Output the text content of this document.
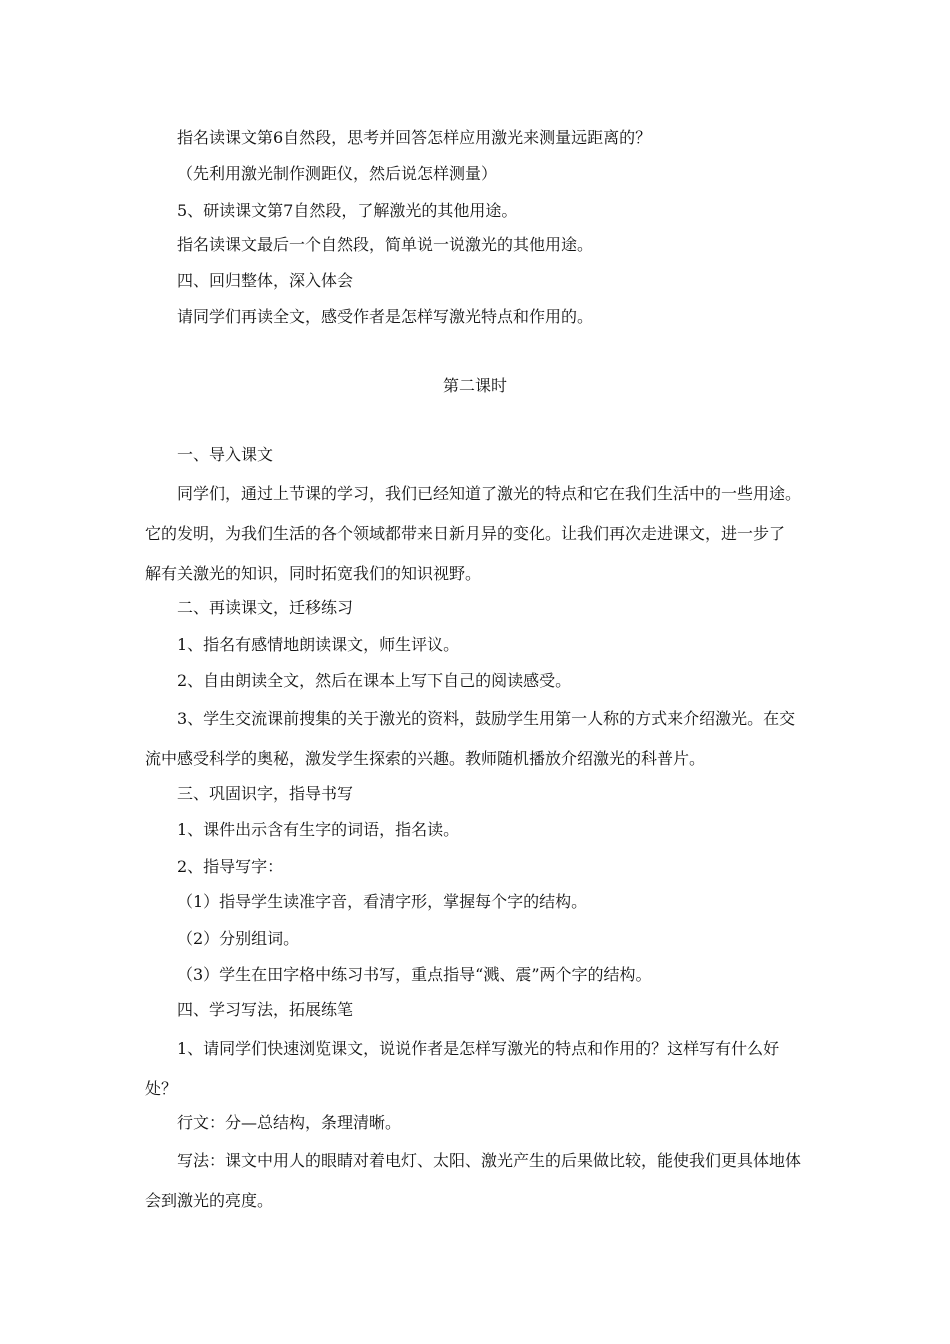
指名读课文第6自然段，思考并回答怎样应用激光来测量远距离的？
（先利用激光制作测距仪，然后说怎样测量）
5、研读课文第7自然段，了解激光的其他用途。
指名读课文最后一个自然段，简单说一说激光的其他用途。
四、回归整体，深入体会
请同学们再读全文，感受作者是怎样写激光特点和作用的。
第二课时
一、导入课文
同学们，通过上节课的学习，我们已经知道了激光的特点和它在我们生活中的一些用途。
它的发明，为我们生活的各个领域都带来日新月异的变化。让我们再次走进课文，进一步了
解有关激光的知识，同时拓宽我们的知识视野。
二、再读课文，迁移练习
1、指名有感情地朗读课文，师生评议。
2、自由朗读全文，然后在课本上写下自己的阅读感受。
3、学生交流课前搜集的关于激光的资料，鼓励学生用第一人称的方式来介绍激光。在交
流中感受科学的奥秘，激发学生探索的兴趣。教师随机播放介绍激光的科普片。
三、巩固识字，指导书写
1、课件出示含有生字的词语，指名读。
2、指导写字：
（1）指导学生读准字音，看清字形，掌握每个字的结构。
（2）分别组词。
（3）学生在田字格中练习书写，重点指导“溅、震”两个字的结构。
四、学习写法，拓展练笔
1、请同学们快速浏览课文，说说作者是怎样写激光的特点和作用的？这样写有什么好
处？
行文：分—总结构，条理清晰。
写法：课文中用人的眼睛对着电灯、太阳、激光产生的后果做比较，能使我们更具体地体
会到激光的亮度。
